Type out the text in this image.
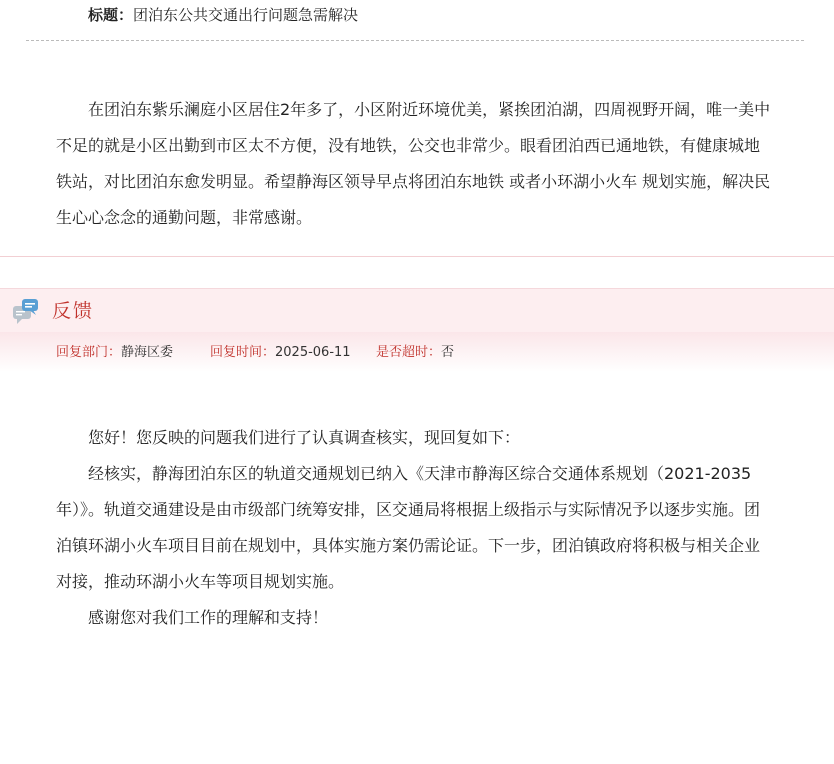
标题：团泊东公共交通出行问题急需解决

在团泊东紫乐澜庭小区居住2年多了，小区附近环境优美，紧挨团泊湖，四周视野开阔，唯一美中不足的就是小区出勤到市区太不方便，没有地铁，公交也非常少。眼看团泊西已通地铁，有健康城地铁站，对比团泊东愈发明显。希望静海区领导早点将团泊东地铁 或者小环湖小火车 规划实施，解决民生心心念念的通勤问题，非常感谢。

反馈
回复部门：静海区委	回复时间：2025-06-11 是否超时：否

您好！您反映的问题我们进行了认真调查核实，现回复如下：

经核实，静海团泊东区的轨道交通规划已纳入《天津市静海区综合交通体系规划（2021-2035年）》。轨道交通建设是由市级部门统筹安排，区交通局将根据上级指示与实际情况予以逐步实施。团泊镇环湖小火车项目目前在规划中，具体实施方案仍需论证。下一步，团泊镇政府将积极与相关企业对接，推动环湖小火车等项目规划实施。

感谢您对我们工作的理解和支持！
